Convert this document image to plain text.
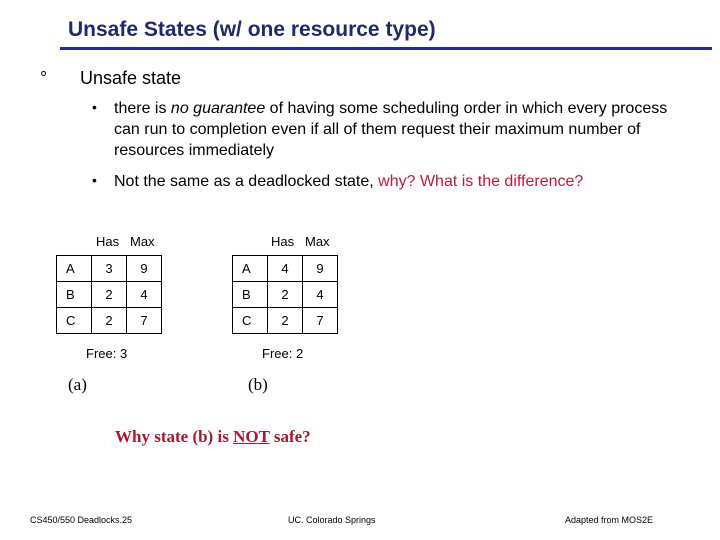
Unsafe States (w/ one resource type)
° Unsafe state
• there is no guarantee of having some scheduling order in which every process can run to completion even if all of them request their maximum number of resources immediately
• Not the same as a deadlocked state, why? What is the difference?
Has Max
A	3	9
B	2	4
C	2	7
Free: 3
(a)
Has Max
A	4	9
B	2	4
C	2	7
Free: 2
(b)
Why state (b) is NOT safe?
CS450/550 Deadlocks.25	UC. Colorado Springs	Adapted from MOS2E
